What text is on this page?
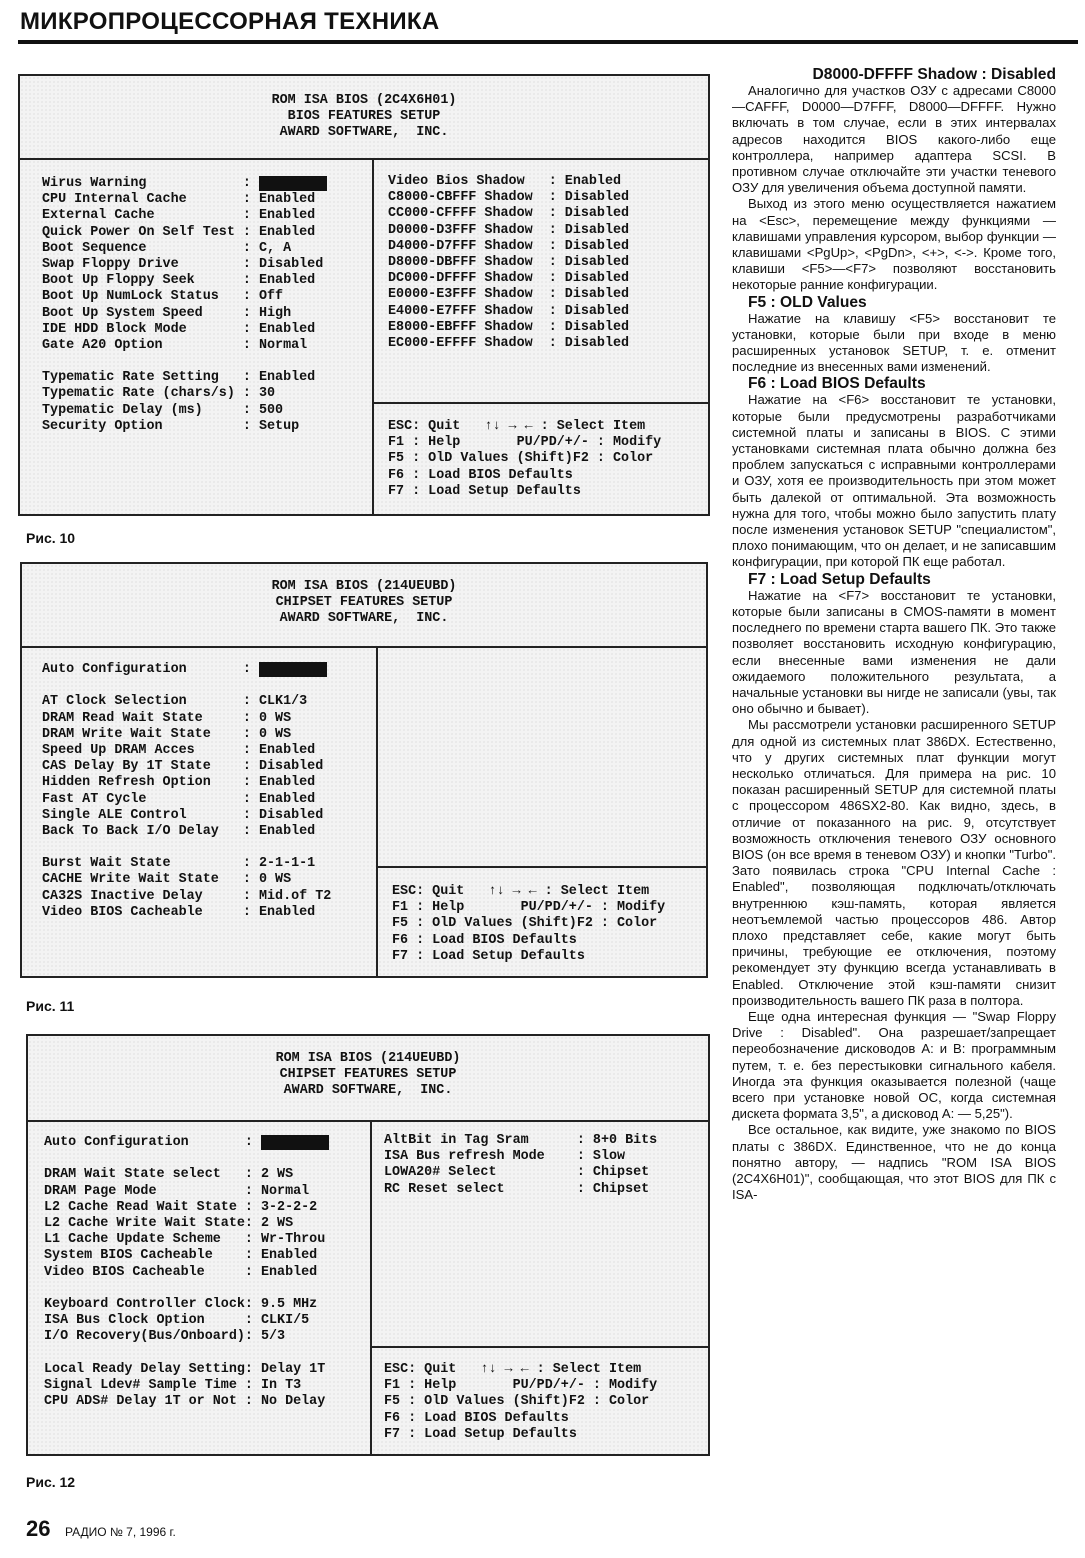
МИКРОПРОЦЕССОРНАЯ ТЕХНИКА
ROM ISA BIOS (2C4X6H01)
BIOS FEATURES SETUP
AWARD SOFTWARE,  INC.
Wirus Warning	:
CPU Internal Cache	: Enabled
External Cache	: Enabled
Quick Power On Self Test : Enabled
Boot Sequence	: C, A
Swap Floppy Drive	: Disabled
Boot Up Floppy Seek	: Enabled
Boot Up NumLock Status	: Off
Boot Up System Speed	: High
IDE HDD Block Mode	: Enabled
Gate A20 Option	: Normal
Typematic Rate Setting	: Enabled
Typematic Rate (chars/s) : 30
Typematic Delay (ms)	: 500
Security Option	: Setup
Video Bios Shadow	: Enabled
C8000-CBFFF Shadow	: Disabled
CC000-CFFFF Shadow	: Disabled
D0000-D3FFF Shadow	: Disabled
D4000-D7FFF Shadow	: Disabled
D8000-DBFFF Shadow	: Disabled
DC000-DFFFF Shadow	: Disabled
E0000-E3FFF Shadow	: Disabled
E4000-E7FFF Shadow	: Disabled
E8000-EBFFF Shadow	: Disabled
EC000-EFFFF Shadow	: Disabled
ESC: Quit   ↑↓ → ← : Select Item
F1 : Help       PU/PD/+/- : Modify
F5 : OlD Values (Shift)F2 : Color
F6 : Load BIOS Defaults
F7 : Load Setup Defaults
Рис. 10
ROM ISA BIOS (214UEUBD)
CHIPSET FEATURES SETUP
AWARD SOFTWARE,  INC.
Auto Configuration	:
AT Clock Selection	: CLK1/3
DRAM Read Wait State	: 0 WS
DRAM Write Wait State	: 0 WS
Speed Up DRAM Acces	: Enabled
CAS Delay By 1T State	: Disabled
Hidden Refresh Option	: Enabled
Fast AT Cycle	: Enabled
Single ALE Control	: Disabled
Back To Back I/O Delay	: Enabled
Burst Wait State	: 2-1-1-1
CACHE Write Wait State	: 0 WS
CA32S Inactive Delay	: Mid.of T2
Video BIOS Cacheable	: Enabled
ESC: Quit   ↑↓ → ← : Select Item
F1 : Help       PU/PD/+/- : Modify
F5 : OlD Values (Shift)F2 : Color
F6 : Load BIOS Defaults
F7 : Load Setup Defaults
Рис. 11
ROM ISA BIOS (214UEUBD)
CHIPSET FEATURES SETUP
AWARD SOFTWARE,  INC.
Auto Configuration	:
DRAM Wait State select	: 2 WS
DRAM Page Mode	: Normal
L2 Cache Read Wait State : 3-2-2-2
L2 Cache Write Wait State : 2 WS
L1 Cache Update Scheme	: Wr-Throu
System BIOS Cacheable	: Enabled
Video BIOS Cacheable	: Enabled
Keyboard Controller Clock : 9.5 MHz
ISA Bus Clock Option	: CLKI/5
I/O Recovery(Bus/Onboard) : 5/3
Local Ready Delay Setting : Delay 1T
Signal Ldev# Sample Time : In T3
CPU ADS# Delay 1T or Not : No Delay
AltBit in Tag Sram	: 8+0 Bits
ISA Bus refresh Mode	: Slow
LOWA20# Select	: Chipset
RC Reset select	: Chipset
ESC: Quit   ↑↓ → ← : Select Item
F1 : Help       PU/PD/+/- : Modify
F5 : OlD Values (Shift)F2 : Color
F6 : Load BIOS Defaults
F7 : Load Setup Defaults
Рис. 12
D8000-DFFFF Shadow : Disabled

Аналогично для участков ОЗУ с адресами C8000—CAFFF, D0000—D7FFF, D8000—DFFFF. Нужно включать в том случае, если в этих интервалах адресов находится BIOS какого-либо еще контроллера, например адаптера SCSI. В противном случае отключайте эти участки теневого ОЗУ для увеличения объема доступной памяти.

Выход из этого меню осуществляется нажатием на <Esc>, перемещение между функциями — клавишами управления курсором, выбор функции — клавишами <PgUp>, <PgDn>, <+>, <->. Кроме того, клавиши <F5>—<F7> позволяют восстановить некоторые ранние конфигурации.

F5 : OLD Values

Нажатие на клавишу <F5> восстановит те установки, которые были при входе в меню расширенных установок SETUP, т. е. отменит последние из внесенных вами изменений.

F6 : Load BIOS Defaults

Нажатие на <F6> восстановит те установки, которые были предусмотрены разработчиками системной платы и записаны в BIOS. С этими установками системная плата обычно должна без проблем запускаться с исправными контроллерами и ОЗУ, хотя ее производительность при этом может быть далекой от оптимальной. Эта возможность нужна для того, чтобы можно было запустить плату после изменения установок SETUP "специалистом", плохо понимающим, что он делает, и не записавшим конфигурации, при которой ПК еще работал.

F7 : Load Setup Defaults

Нажатие на <F7> восстановит те установки, которые были записаны в CMOS-памяти в момент последнего по времени старта вашего ПК. Это также позволяет восстановить исходную конфигурацию, если внесенные вами изменения не дали ожидаемого положительного результата, а начальные установки вы нигде не записали (увы, так оно обычно и бывает).

Мы рассмотрели установки расширенного SETUP для одной из системных плат 386DX. Естественно, что у других системных плат функции могут несколько отличаться. Для примера на рис. 10 показан расширенный SETUP для системной платы с процессором 486SX2-80. Как видно, здесь, в отличие от показанного на рис. 9, отсутствует возможность отключения теневого ОЗУ основного BIOS (он все время в теневом ОЗУ) и кнопки "Turbo". Зато появилась строка "CPU Internal Cache : Enabled", позволяющая подключать/отключать внутреннюю кэш-память, которая является неотъемлемой частью процессоров 486. Автор плохо представляет себе, какие могут быть причины, требующие ее отключения, поэтому рекомендует эту функцию всегда устанавливать в Enabled. Отключение этой кэш-памяти снизит производительность вашего ПК раза в полтора.

Еще одна интересная функция — "Swap Floppy Drive : Disabled". Она разрешает/запрещает переобозначение дисководов A: и B: программным путем, т. е. без перестыковки сигнального кабеля. Иногда эта функция оказывается полезной (чаще всего при установке новой ОС, когда системная дискета формата 3,5", а дисковод A: — 5,25").

Все остальное, как видите, уже знакомо по BIOS платы с 386DX. Единственное, что не до конца понятно автору, — надпись "ROM ISA BIOS (2C4X6H01)", сообщающая, что этот BIOS для ПК с ISA-

26 РАДИО № 7, 1996 г.
